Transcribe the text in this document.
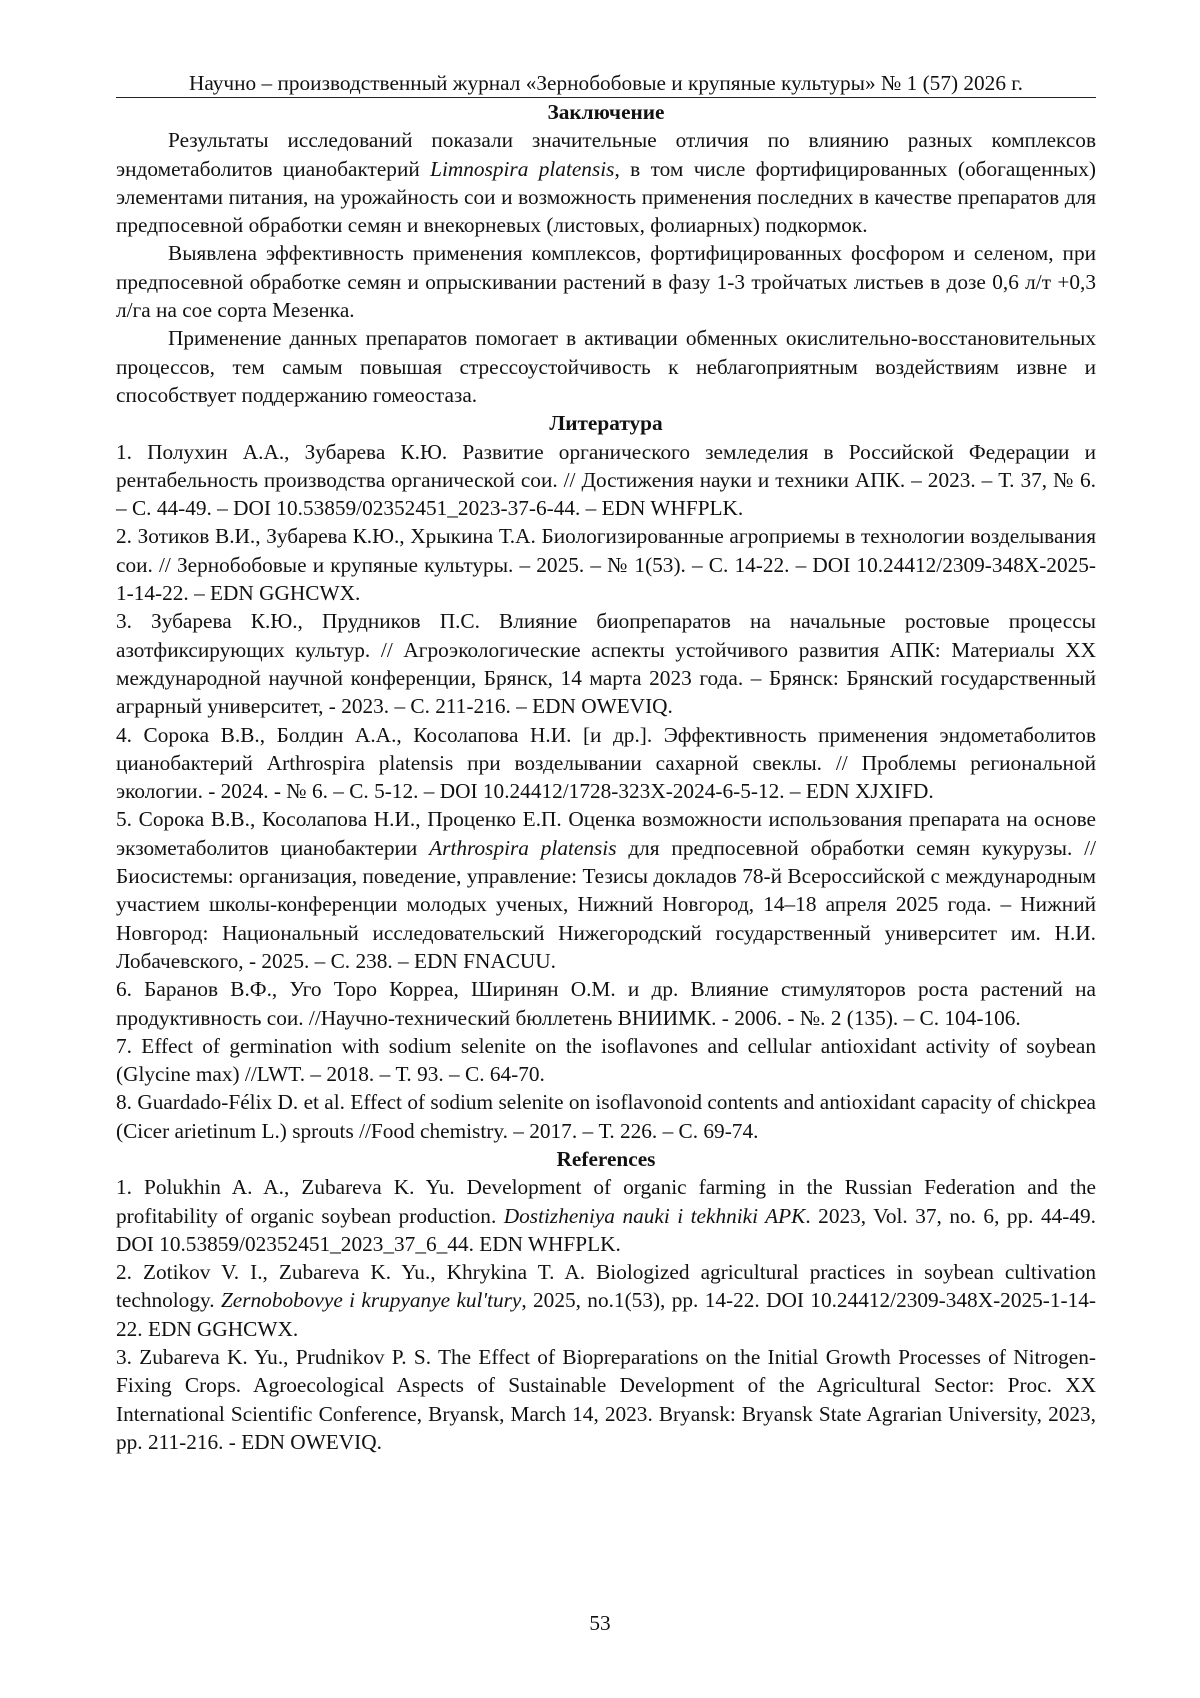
Научно – производственный журнал «Зернобобовые и крупяные культуры» № 1 (57) 2026 г.
Заключение

Результаты исследований показали значительные отличия по влиянию разных комплексов эндометаболитов цианобактерий Limnospira platensis, в том числе фортифицированных (обогащенных) элементами питания, на урожайность сои и возможность применения последних в качестве препаратов для предпосевной обработки семян и внекорневых (листовых, фолиарных) подкормок.

Выявлена эффективность применения комплексов, фортифицированных фосфором и селеном, при предпосевной обработке семян и опрыскивании растений в фазу 1-3 тройчатых листьев в дозе 0,6 л/т +0,3 л/га на сое сорта Мезенка.

Применение данных препаратов помогает в активации обменных окислительно-восстановительных процессов, тем самым повышая стрессоустойчивость к неблагоприятным воздействиям извне и способствует поддержанию гомеостаза.

Литература

1. Полухин А.А., Зубарева К.Ю. Развитие органического земледелия в Российской Федерации и рентабельность производства органической сои. // Достижения науки и техники АПК. – 2023. – Т. 37, № 6. – С. 44-49. – DOI 10.53859/02352451_2023-37-6-44. – EDN WHFPLK.

2. Зотиков В.И., Зубарева К.Ю., Хрыкина Т.А. Биологизированные агроприемы в технологии возделывания сои. // Зернобобовые и крупяные культуры. – 2025. – № 1(53). – С. 14-22. – DOI 10.24412/2309-348X-2025-1-14-22. – EDN GGHCWX.

3. Зубарева К.Ю., Прудников П.С. Влияние биопрепаратов на начальные ростовые процессы азотфиксирующих культур. // Агроэкологические аспекты устойчивого развития АПК: Материалы XX международной научной конференции, Брянск, 14 марта 2023 года. – Брянск: Брянский государственный аграрный университет, - 2023. – С. 211-216. – EDN OWEVIQ.

4. Сорока В.В., Болдин А.А., Косолапова Н.И. [и др.]. Эффективность применения эндометаболитов цианобактерий Arthrospira platensis при возделывании сахарной свеклы. // Проблемы региональной экологии. - 2024. - № 6. – С. 5-12. – DOI 10.24412/1728-323X-2024-6-5-12. – EDN XJXIFD.

5. Сорока В.В., Косолапова Н.И., Проценко Е.П. Оценка возможности использования препарата на основе экзометаболитов цианобактерии Arthrospira platensis для предпосевной обработки семян кукурузы. // Биосистемы: организация, поведение, управление: Тезисы докладов 78-й Всероссийской с международным участием школы-конференции молодых ученых, Нижний Новгород, 14–18 апреля 2025 года. – Нижний Новгород: Национальный исследовательский Нижегородский государственный университет им. Н.И. Лобачевского, - 2025. – С. 238. – EDN FNACUU.

6. Баранов В.Ф., Уго Торо Корреа, Ширинян О.М. и др. Влияние стимуляторов роста растений на продуктивность сои. //Научно-технический бюллетень ВНИИМК. - 2006. - №. 2 (135). – С. 104-106.

7. Effect of germination with sodium selenite on the isoflavones and cellular antioxidant activity of soybean (Glycine max) //LWT. – 2018. – Т. 93. – С. 64-70.

8. Guardado-Félix D. et al. Effect of sodium selenite on isoflavonoid contents and antioxidant capacity of chickpea (Cicer arietinum L.) sprouts //Food chemistry. – 2017. – Т. 226. – С. 69-74.

References

1. Polukhin A. A., Zubareva K. Yu. Development of organic farming in the Russian Federation and the profitability of organic soybean production. Dostizheniya nauki i tekhniki APK. 2023, Vol. 37, no. 6, pp. 44-49. DOI 10.53859/02352451_2023_37_6_44. EDN WHFPLK.

2. Zotikov V. I., Zubareva K. Yu., Khrykina T. A. Biologized agricultural practices in soybean cultivation technology. Zernobobovye i krupyanye kul'tury, 2025, no.1(53), pp. 14-22. DOI 10.24412/2309-348X-2025-1-14-22. EDN GGHCWX.

3. Zubareva K. Yu., Prudnikov P. S. The Effect of Biopreparations on the Initial Growth Processes of Nitrogen-Fixing Crops. Agroecological Aspects of Sustainable Development of the Agricultural Sector: Proc. XX International Scientific Conference, Bryansk, March 14, 2023. Bryansk: Bryansk State Agrarian University, 2023, pp. 211-216. - EDN OWEVIQ.

53
